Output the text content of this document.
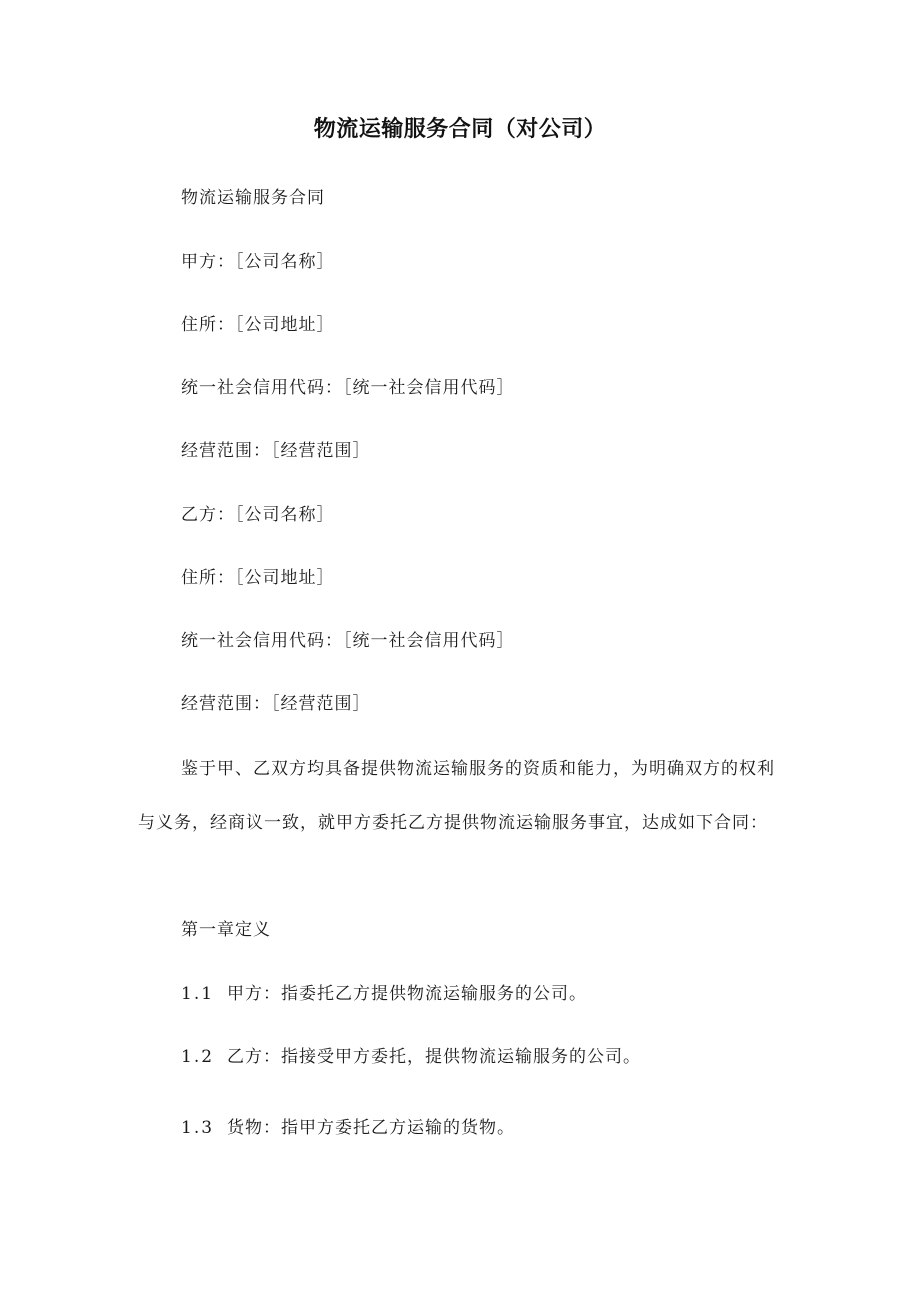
物流运输服务合同（对公司）

物流运输服务合同

甲方：［公司名称］

住所：［公司地址］

统一社会信用代码：［统一社会信用代码］

经营范围：［经营范围］

乙方：［公司名称］

住所：［公司地址］

统一社会信用代码：［统一社会信用代码］

经营范围：［经营范围］

鉴于甲、乙双方均具备提供物流运输服务的资质和能力，为明确双方的权利与义务，经商议一致，就甲方委托乙方提供物流运输服务事宜，达成如下合同：

第一章定义

1.1 甲方：指委托乙方提供物流运输服务的公司。

1.2 乙方：指接受甲方委托，提供物流运输服务的公司。

1.3 货物：指甲方委托乙方运输的货物。
